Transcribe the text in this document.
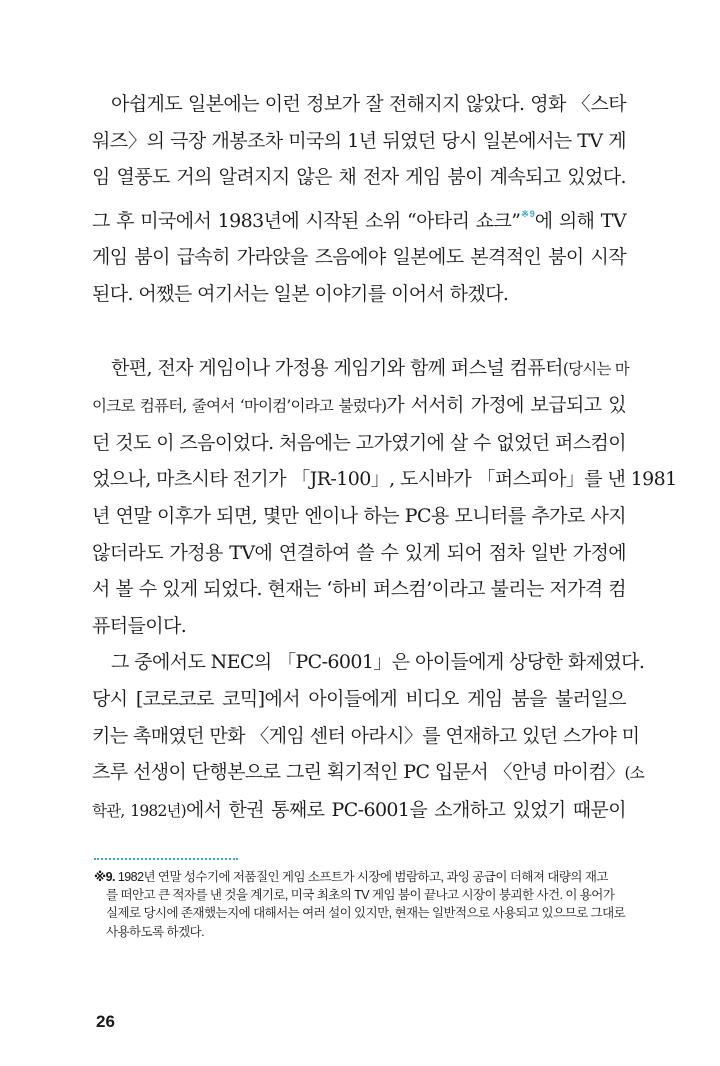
아쉽게도 일본에는 이런 정보가 잘 전해지지 않았다. 영화 〈스타

워즈〉의 극장 개봉조차 미국의 1년 뒤였던 당시 일본에서는 TV 게

임 열풍도 거의 알려지지 않은 채 전자 게임 붐이 계속되고 있었다.

그 후 미국에서 1983년에 시작된 소위 “아타리 쇼크”$^{※9}$에 의해 TV

게임 붐이 급속히 가라앉을 즈음에야 일본에도 본격적인 붐이 시작

된다. 어쨌든 여기서는 일본 이야기를 이어서 하겠다.

한편, 전자 게임이나 가정용 게임기와 함께 퍼스널 컴퓨터(당시는 마

이크로 컴퓨터, 줄여서 ‘마이컴’이라고 불렀다)가 서서히 가정에 보급되고 있

던 것도 이 즈음이었다. 처음에는 고가였기에 살 수 없었던 퍼스컴이

었으나, 마츠시타 전기가 「JR-100」, 도시바가 「퍼스피아」를 낸 1981

년 연말 이후가 되면, 몇만 엔이나 하는 PC용 모니터를 추가로 사지

않더라도 가정용 TV에 연결하여 쓸 수 있게 되어 점차 일반 가정에

서 볼 수 있게 되었다. 현재는 ‘하비 퍼스컴’이라고 불리는 저가격 컴

퓨터들이다.

그 중에서도 NEC의 「PC-6001」은 아이들에게 상당한 화제였다.

당시 [코로코로 코믹]에서 아이들에게 비디오 게임 붐을 불러일으

키는 촉매였던 만화 〈게임 센터 아라시〉를 연재하고 있던 스가야 미

츠루 선생이 단행본으로 그린 획기적인 PC 입문서 〈안녕 마이컴〉(소

학관, 1982년)에서 한권 통째로 PC-6001을 소개하고 있었기 때문이

※9. 1982년 연말 성수기에 저품질인 게임 소프트가 시장에 범람하고, 과잉 공급이 더해져 대량의 재고
를 떠안고 큰 적자를 낸 것을 계기로, 미국 최초의 TV 게임 붐이 끝나고 시장이 붕괴한 사건. 이 용어가
실제로 당시에 존재했는지에 대해서는 여러 설이 있지만, 현재는 일반적으로 사용되고 있으므로 그대로
사용하도록 하겠다.
26
